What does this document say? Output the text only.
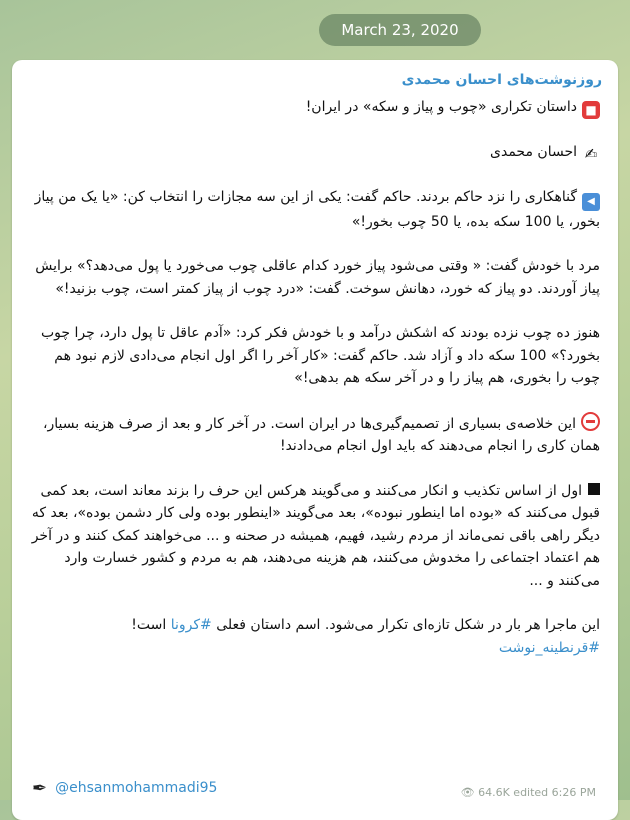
March 23, 2020
روزنوشت‌های احسان محمدی

■داستان تکراری «چوب و پیاز و سکه» در ایران!

✍احسان محمدی

◀گناهکاری را نزد حاکم بردند. حاکم گفت: یکی از این سه مجازات را انتخاب کن: «یا یک من پیاز بخور، یا 100 سکه بده، یا 50 چوب بخور!»

مرد با خودش گفت: « وقتی می‌شود پیاز خورد کدام عاقلی چوب می‌خورد یا پول می‌دهد؟» برایش پیاز آوردند. دو پیاز که خورد، دهانش سوخت. گفت: «درد چوب از پیاز کمتر است، چوب بزنید!»

هنوز ده چوب نزده بودند که اشکش درآمد و با خودش فکر کرد: «آدم عاقل تا پول دارد، چرا چوب بخورد؟» 100 سکه داد و آزاد شد. حاکم گفت: «کار آخر را اگر اول انجام می‌دادی لازم نبود هم چوب را بخوری، هم پیاز را و در آخر سکه هم بدهی!»

این خلاصه‌ی بسیاری از تصمیم‌گیری‌ها در ایران است. در آخر کار و بعد از صرف هزینه بسیار، همان کاری را انجام می‌دهند که باید اول انجام می‌دادند!

اول از اساس تکذیب و انکار می‌کنند و می‌گویند هرکس این حرف را بزند معاند است، بعد کمی قبول می‌کنند که «بوده اما اینطور نبوده»، بعد می‌گویند «اینطور بوده ولی کار دشمن بوده»، بعد که دیگر راهی باقی نمی‌ماند از مردم رشید، فهیم، همیشه در صحنه و ... می‌خواهند کمک کنند و در آخر هم اعتماد اجتماعی را مخدوش می‌کنند، هم هزینه می‌دهند، هم به مردم و کشور خسارت وارد می‌کنند و ...

این ماجرا هر بار در شکل تازه‌ای تکرار می‌شود. اسم داستان فعلی #کرونا است!

#قرنطینه_نوشت

✒ @ehsanmohammadi95	👁 64.6K edited 6:26 PM
